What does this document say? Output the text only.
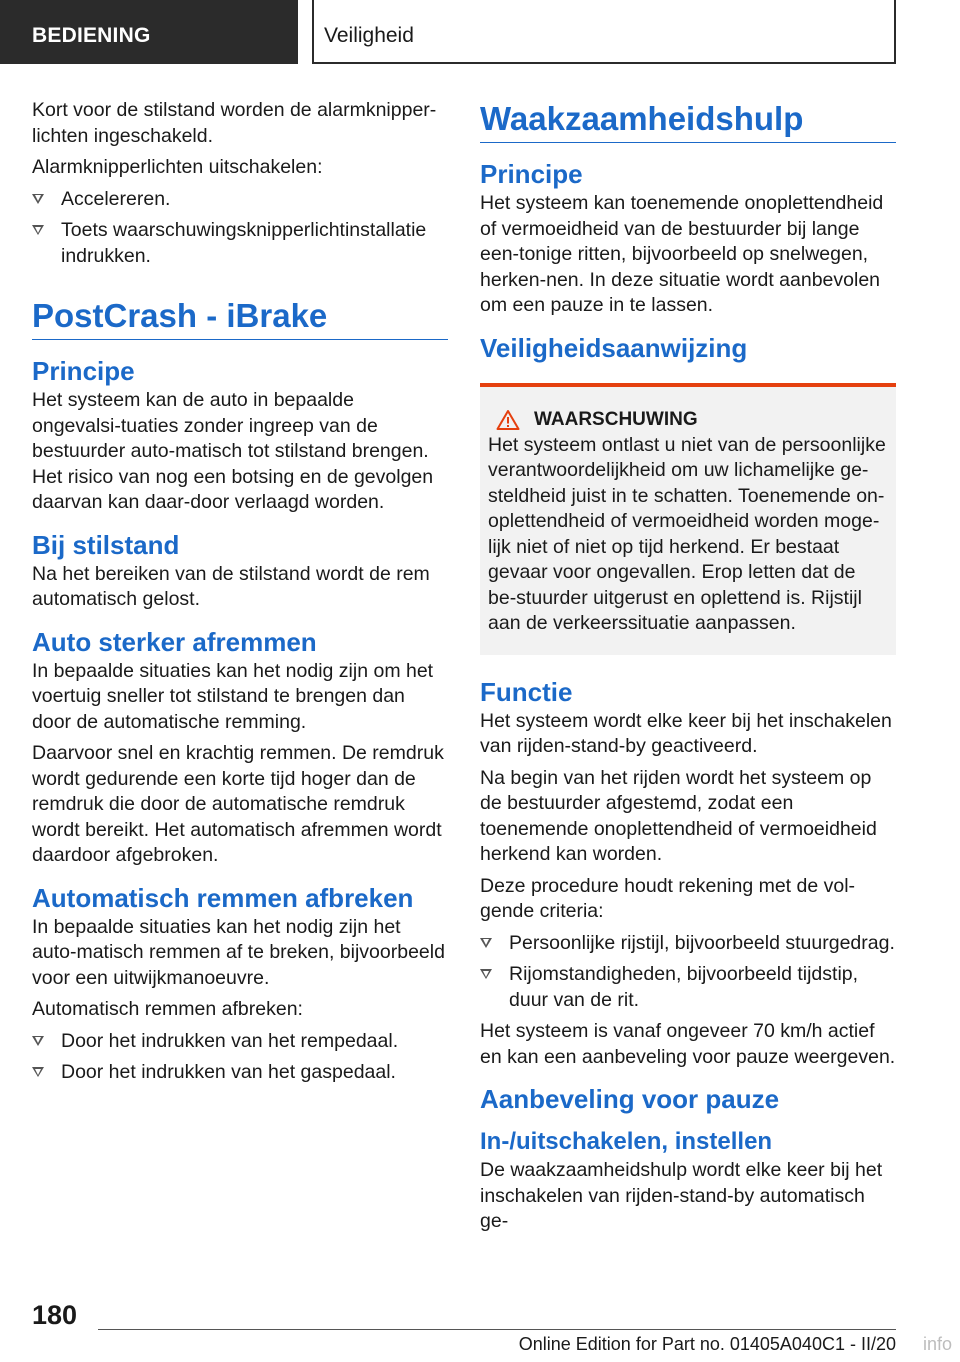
BEDIENING	Veiligheid

Kort voor de stilstand worden de alarmknipper-lichten ingeschakeld.

Alarmknipperlichten uitschakelen:

Accelereren.
Toets waarschuwingsknipperlichtinstallatie indrukken.
PostCrash - iBrake
Principe

Het systeem kan de auto in bepaalde ongevalsi-tuaties zonder ingreep van de bestuurder auto-matisch tot stilstand brengen. Het risico van nog een botsing en de gevolgen daarvan kan daar-door verlaagd worden.

Bij stilstand

Na het bereiken van de stilstand wordt de rem automatisch gelost.

Auto sterker afremmen

In bepaalde situaties kan het nodig zijn om het voertuig sneller tot stilstand te brengen dan door de automatische remming.

Daarvoor snel en krachtig remmen. De remdruk wordt gedurende een korte tijd hoger dan de remdruk die door de automatische remdruk wordt bereikt. Het automatisch afremmen wordt daardoor afgebroken.

Automatisch remmen afbreken

In bepaalde situaties kan het nodig zijn het auto-matisch remmen af te breken, bijvoorbeeld voor een uitwijkmanoeuvre.

Automatisch remmen afbreken:

Door het indrukken van het rempedaal.
Door het indrukken van het gaspedaal.
Waakzaamheidshulp
Principe

Het systeem kan toenemende onoplettendheid of vermoeidheid van de bestuurder bij lange een-tonige ritten, bijvoorbeeld op snelwegen, herken-nen. In deze situatie wordt aanbevolen om een pauze in te lassen.

Veiligheidsaanwijzing
WAARSCHUWING

Het systeem ontlast u niet van de persoonlijke verantwoordelijkheid om uw lichamelijke ge-steldheid juist in te schatten. Toenemende on-oplettendheid of vermoeidheid worden moge-lijk niet of niet op tijd herkend. Er bestaat gevaar voor ongevallen. Erop letten dat de be-stuurder uitgerust en oplettend is. Rijstijl aan de verkeerssituatie aanpassen.

Functie

Het systeem wordt elke keer bij het inschakelen van rijden-stand-by geactiveerd.

Na begin van het rijden wordt het systeem op de bestuurder afgestemd, zodat een toenemende onoplettendheid of vermoeidheid herkend kan worden.

Deze procedure houdt rekening met de vol-gende criteria:

Persoonlijke rijstijl, bijvoorbeeld stuurgedrag.
Rijomstandigheden, bijvoorbeeld tijdstip, duur van de rit.

Het systeem is vanaf ongeveer 70 km/h actief en kan een aanbeveling voor pauze weergeven.

Aanbeveling voor pauze
In-/uitschakelen, instellen

De waakzaamheidshulp wordt elke keer bij het inschakelen van rijden-stand-by automatisch ge-

180
Online Edition for Part no. 01405A040C1 - II/20 info
